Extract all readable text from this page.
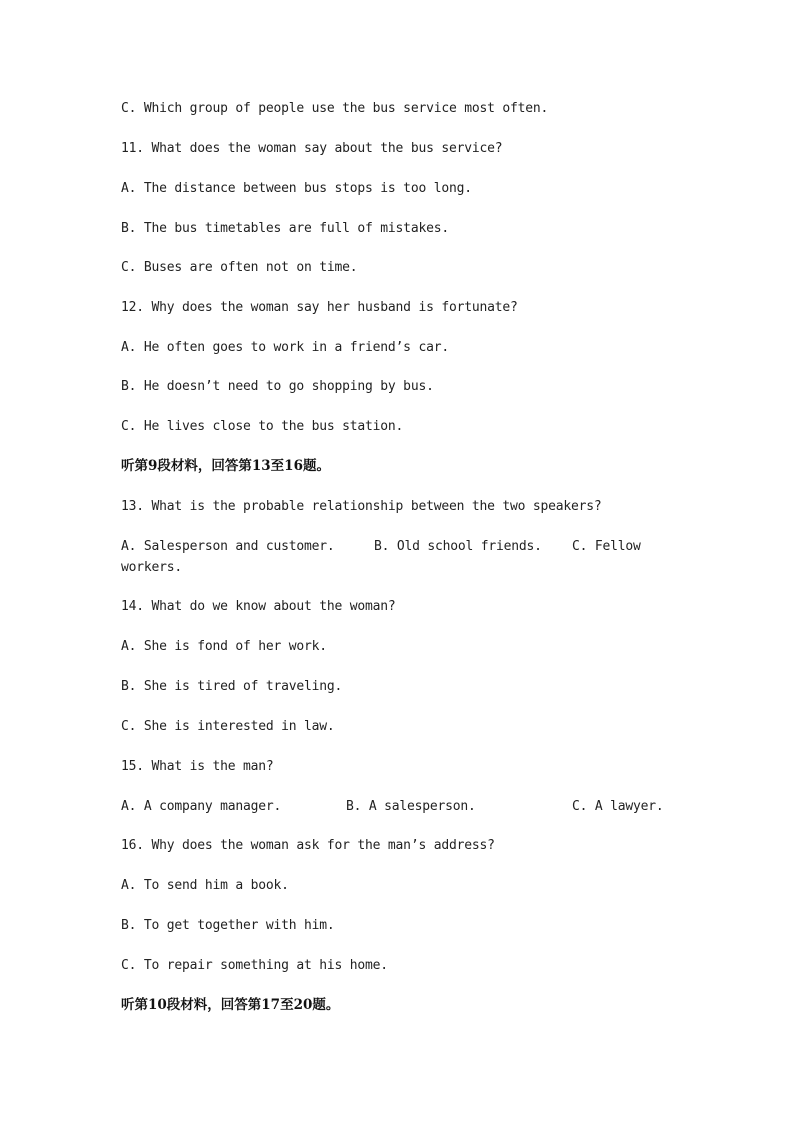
C. Which group of people use the bus service most often.
11. What does the woman say about the bus service?
A. The distance between bus stops is too long.
B. The bus timetables are full of mistakes.
C. Buses are often not on time.
12. Why does the woman say her husband is fortunate?
A. He often goes to work in a friend’s car.
B. He doesn’t need to go shopping by bus.
C. He lives close to the bus station.
听第9段材料，回答第13至16题。
13. What is the probable relationship between the two speakers?
A. Salesperson and customer.	B. Old school friends. C. Fellow
workers.
14. What do we know about the woman?
A. She is fond of her work.
B. She is tired of traveling.
C. She is interested in law.
15. What is the man?
A. A company manager.	B. A salesperson.	C. A lawyer.
16. Why does the woman ask for the man’s address?
A. To send him a book.
B. To get together with him.
C. To repair something at his home.
听第10段材料，回答第17至20题。
